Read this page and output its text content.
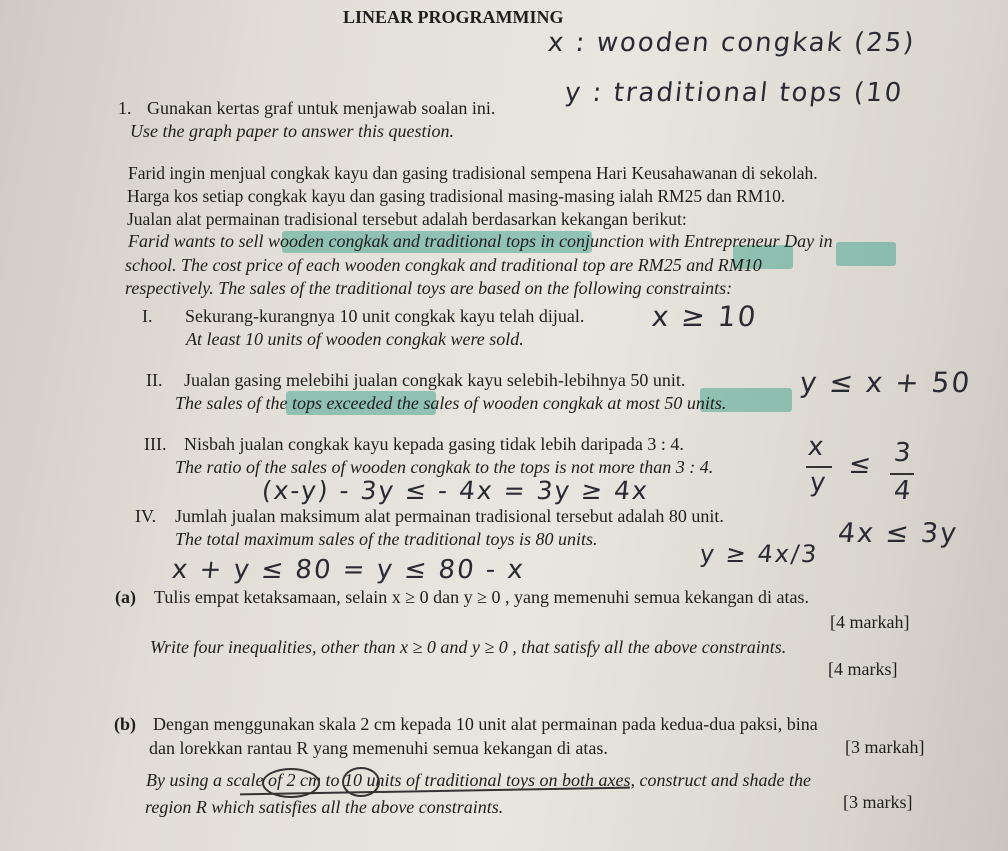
LINEAR PROGRAMMING
x : wooden congkak (25)
y : traditional tops (10
1. Gunakan kertas graf untuk menjawab soalan ini.
Use the graph paper to answer this question.
Farid ingin menjual congkak kayu dan gasing tradisional sempena Hari Keusahawanan di sekolah.
Harga kos setiap congkak kayu dan gasing tradisional masing-masing ialah RM25 dan RM10.
Jualan alat permainan tradisional tersebut adalah berdasarkan kekangan berikut:
Farid wants to sell wooden congkak and traditional tops in conjunction with Entrepreneur Day in
school. The cost price of each wooden congkak and traditional top are RM25 and RM10
respectively. The sales of the traditional toys are based on the following constraints:
I. Sekurang-kurangnya 10 unit congkak kayu telah dijual.
At least 10 units of wooden congkak were sold.
x ≥ 10
II. Jualan gasing melebihi jualan congkak kayu selebih-lebihnya 50 unit.
The sales of the tops exceeded the sales of wooden congkak at most 50 units.
y ≤ x + 50
III. Nisbah jualan congkak kayu kepada gasing tidak lebih daripada 3 : 4.
The ratio of the sales of wooden congkak to the tops is not more than 3 : 4.
x
y
≤ 3
4
(x-y) - 3y ≤ - 4x = 3y ≥ 4x
4x ≤ 3y
IV. Jumlah jualan maksimum alat permainan tradisional tersebut adalah 80 unit.
The total maximum sales of the traditional toys is 80 units.
x + y ≤ 80 = y ≤ 80 - x
y ≥ 4x/3
(a) Tulis empat ketaksamaan, selain x ≥ 0 dan y ≥ 0 , yang memenuhi semua kekangan di atas.
[4 markah]
Write four inequalities, other than x ≥ 0 and y ≥ 0 , that satisfy all the above constraints.
[4 marks]
(b) Dengan menggunakan skala 2 cm kepada 10 unit alat permainan pada kedua-dua paksi, bina
dan lorekkan rantau R yang memenuhi semua kekangan di atas.	[3 markah]
By using a scale of 2 cm to 10 units of traditional toys on both axes, construct and shade the
region R which satisfies all the above constraints.	[3 marks]
